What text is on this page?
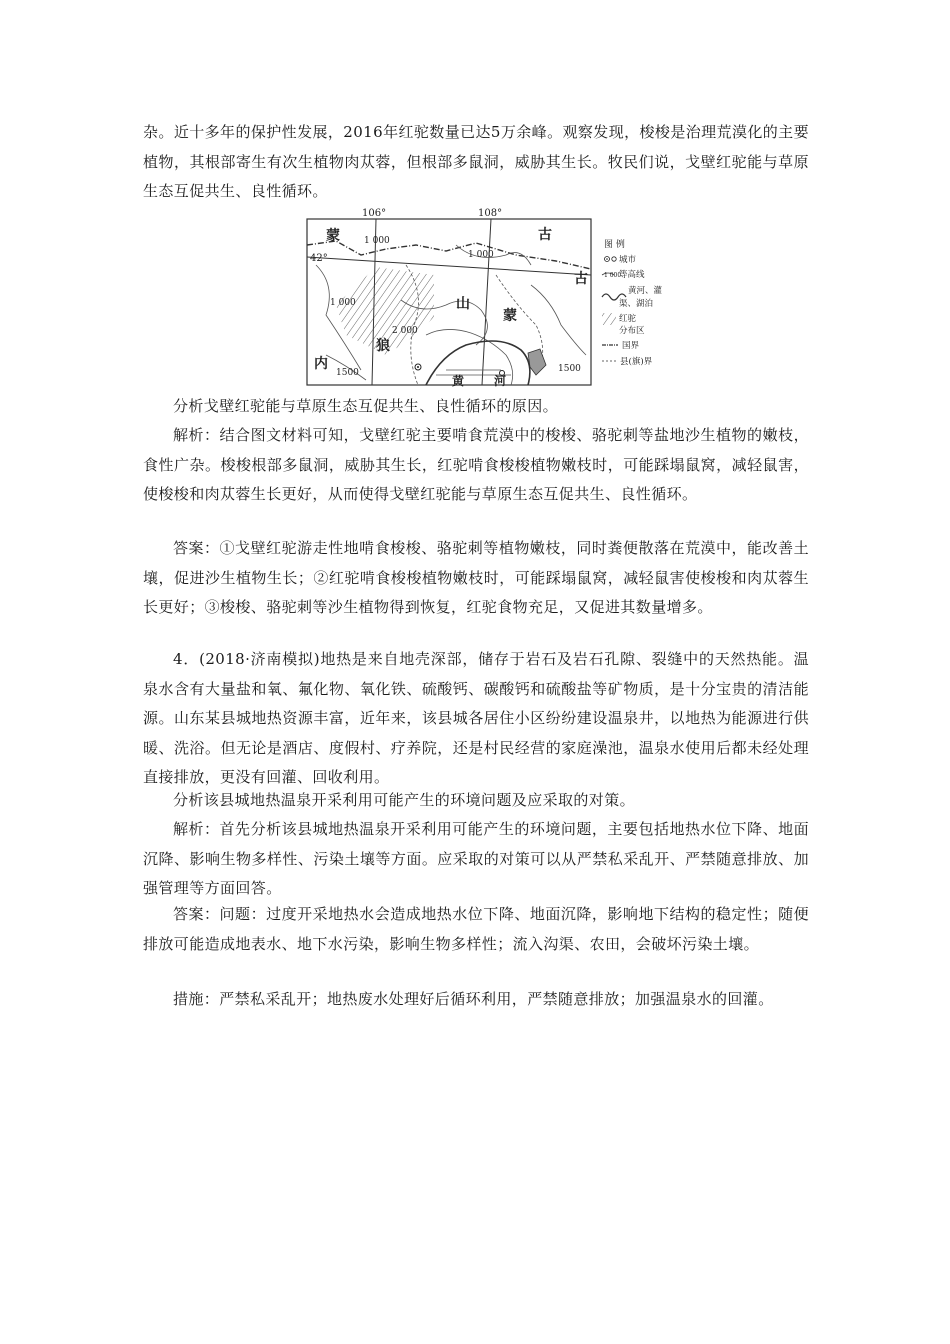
杂。近十多年的保护性发展，2016年红驼数量已达5万余峰。观察发现，梭梭是治理荒漠化的主要植物，其根部寄生有次生植物肉苁蓉，但根部多鼠洞，威胁其生长。牧民们说，戈壁红驼能与草原生态互促共生、良性循环。

106°	108°
42°
蒙	古
古
山
蒙
狼
内
黄 河
1 000
1 000
1 000
2 000
1500	1500
图 例
城市
1 000
等高线
黄河、灌
渠、湖泊
红驼
分布区
国界
县(旗)界

分析戈壁红驼能与草原生态互促共生、良性循环的原因。

解析：结合图文材料可知，戈壁红驼主要啃食荒漠中的梭梭、骆驼刺等盐地沙生植物的嫩枝，食性广杂。梭梭根部多鼠洞，威胁其生长，红驼啃食梭梭植物嫩枝时，可能踩塌鼠窝，减轻鼠害，使梭梭和肉苁蓉生长更好，从而使得戈壁红驼能与草原生态互促共生、良性循环。

答案：①戈壁红驼游走性地啃食梭梭、骆驼刺等植物嫩枝，同时粪便散落在荒漠中，能改善土壤，促进沙生植物生长；②红驼啃食梭梭植物嫩枝时，可能踩塌鼠窝，减轻鼠害使梭梭和肉苁蓉生长更好；③梭梭、骆驼刺等沙生植物得到恢复，红驼食物充足，又促进其数量增多。

4．(2018·济南模拟)地热是来自地壳深部，储存于岩石及岩石孔隙、裂缝中的天然热能。温泉水含有大量盐和氧、氟化物、氧化铁、硫酸钙、碳酸钙和硫酸盐等矿物质，是十分宝贵的清洁能源。山东某县城地热资源丰富，近年来，该县城各居住小区纷纷建设温泉井，以地热为能源进行供暖、洗浴。但无论是酒店、度假村、疗养院，还是村民经营的家庭澡池，温泉水使用后都未经处理直接排放，更没有回灌、回收利用。

分析该县城地热温泉开采利用可能产生的环境问题及应采取的对策。

解析：首先分析该县城地热温泉开采利用可能产生的环境问题，主要包括地热水位下降、地面沉降、影响生物多样性、污染土壤等方面。应采取的对策可以从严禁私采乱开、严禁随意排放、加强管理等方面回答。

答案：问题：过度开采地热水会造成地热水位下降、地面沉降，影响地下结构的稳定性；随便排放可能造成地表水、地下水污染，影响生物多样性；流入沟渠、农田，会破坏污染土壤。

措施：严禁私采乱开；地热废水处理好后循环利用，严禁随意排放；加强温泉水的回灌。
